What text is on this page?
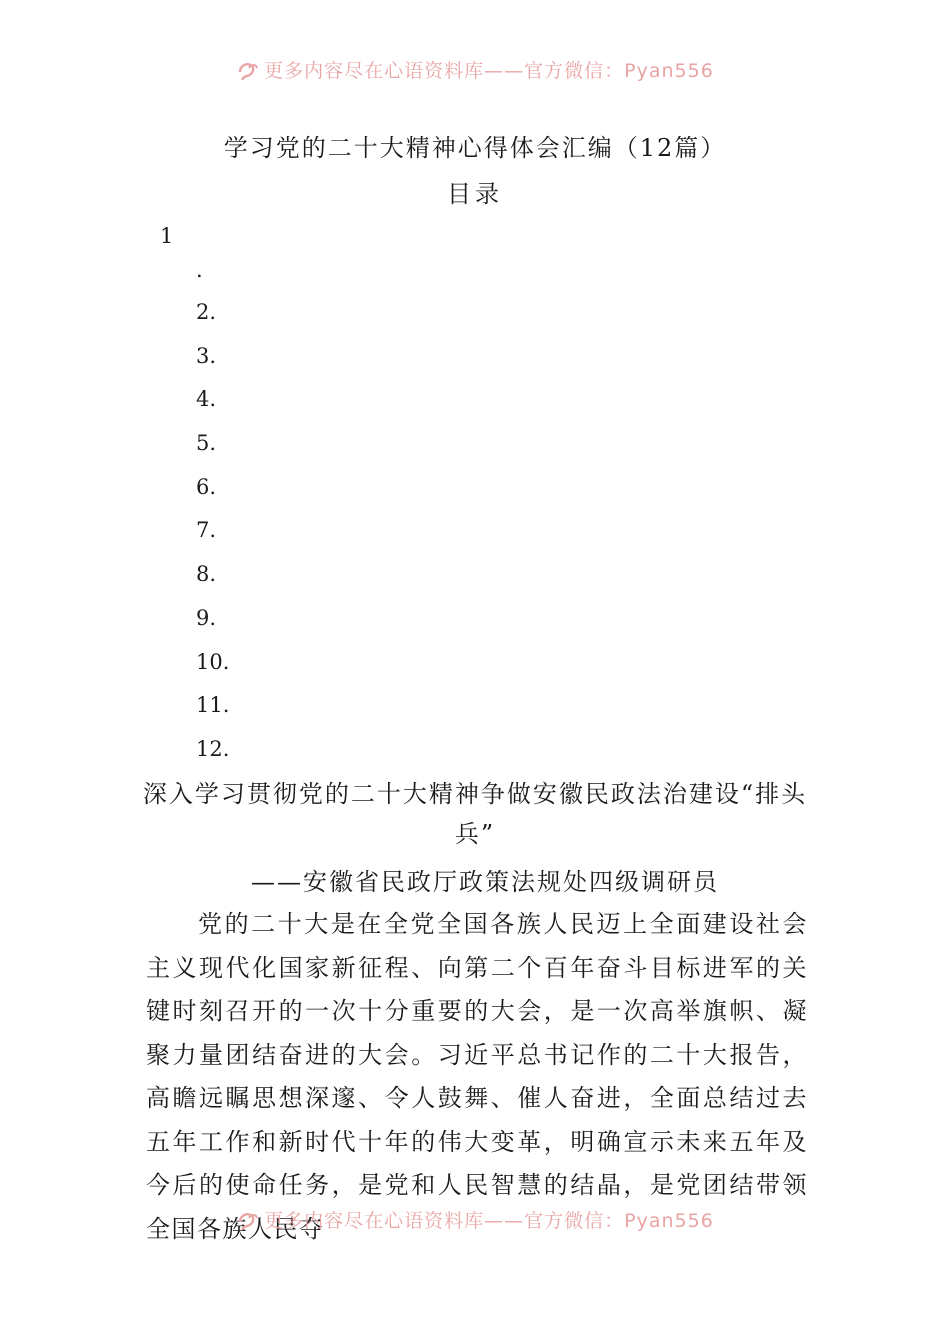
更多内容尽在心语资料库——官方微信：Pyan556
学习党的二十大精神心得体会汇编（12篇）
目录
1
.
2.
3.
4.
5.
6.
7.
8.
9.
10.
11.
12.
深入学习贯彻党的二十大精神争做安徽民政法治建设“排头兵”
——安徽省民政厅政策法规处四级调研员

党的二十大是在全党全国各族人民迈上全面建设社会主义现代化国家新征程、向第二个百年奋斗目标进军的关键时刻召开的一次十分重要的大会，是一次高举旗帜、凝聚力量团结奋进的大会。习近平总书记作的二十大报告，高瞻远瞩思想深邃、令人鼓舞、催人奋进，全面总结过去五年工作和新时代十年的伟大变革，明确宣示未来五年及今后的使命任务，是党和人民智慧的结晶，是党团结带领全国各族人民夺

更多内容尽在心语资料库——官方微信：Pyan556
